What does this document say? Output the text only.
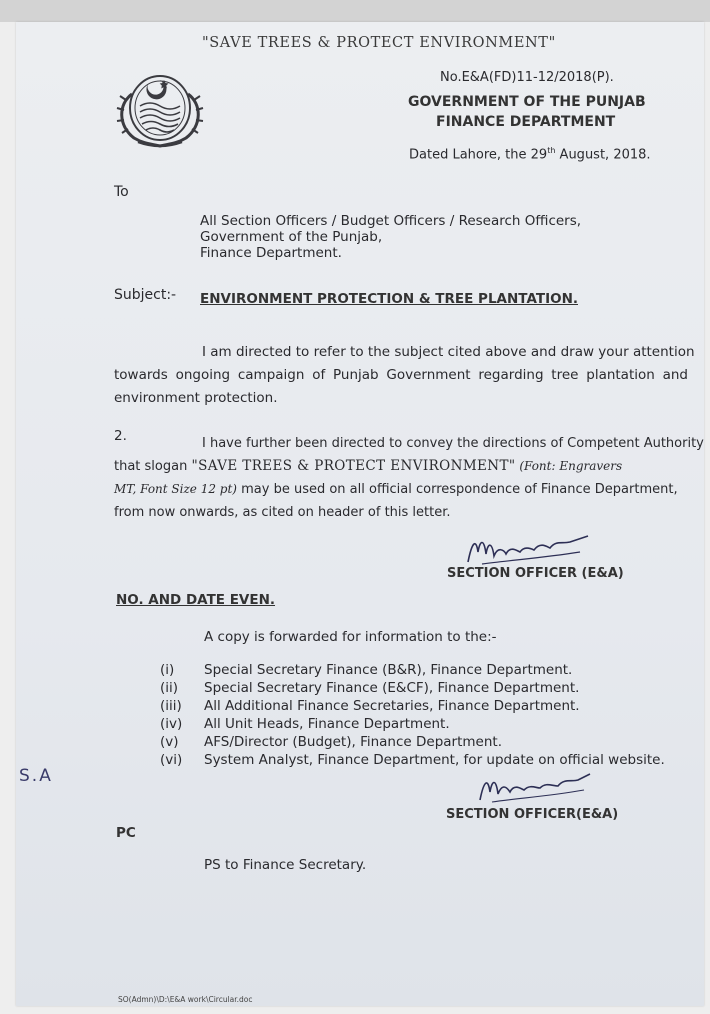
"SAVE TREES & PROTECT ENVIRONMENT"
No.E&A(FD)11-12/2018(P).
GOVERNMENT OF THE PUNJAB
FINANCE DEPARTMENT
Dated Lahore, the 29th August, 2018.
To
All Section Officers / Budget Officers / Research Officers,
Government of the Punjab,
Finance Department.
Subject:- ENVIRONMENT PROTECTION & TREE PLANTATION.
I am directed to refer to the subject cited above and draw your attention
towards ongoing campaign of Punjab Government regarding tree plantation and
environment protection.
2.	I have further been directed to convey the directions of Competent Authority
that slogan "SAVE TREES & PROTECT ENVIRONMENT" (Font: Engravers
MT, Font Size 12 pt) may be used on all official correspondence of Finance Department,
from now onwards, as cited on header of this letter.
SECTION OFFICER (E&A)
NO. AND DATE EVEN.
A copy is forwarded for information to the:-
(i)	Special Secretary Finance (B&R), Finance Department.
(ii)	Special Secretary Finance (E&CF), Finance Department.
(iii)	All Additional Finance Secretaries, Finance Department.
(iv)	All Unit Heads, Finance Department.
(v)	AFS/Director (Budget), Finance Department.
(vi)	System Analyst, Finance Department, for update on official website.
SECTION OFFICER(E&A)
PC
PS to Finance Secretary.
SO(Admn)\D:\E&A work\Circular.doc
S.A
